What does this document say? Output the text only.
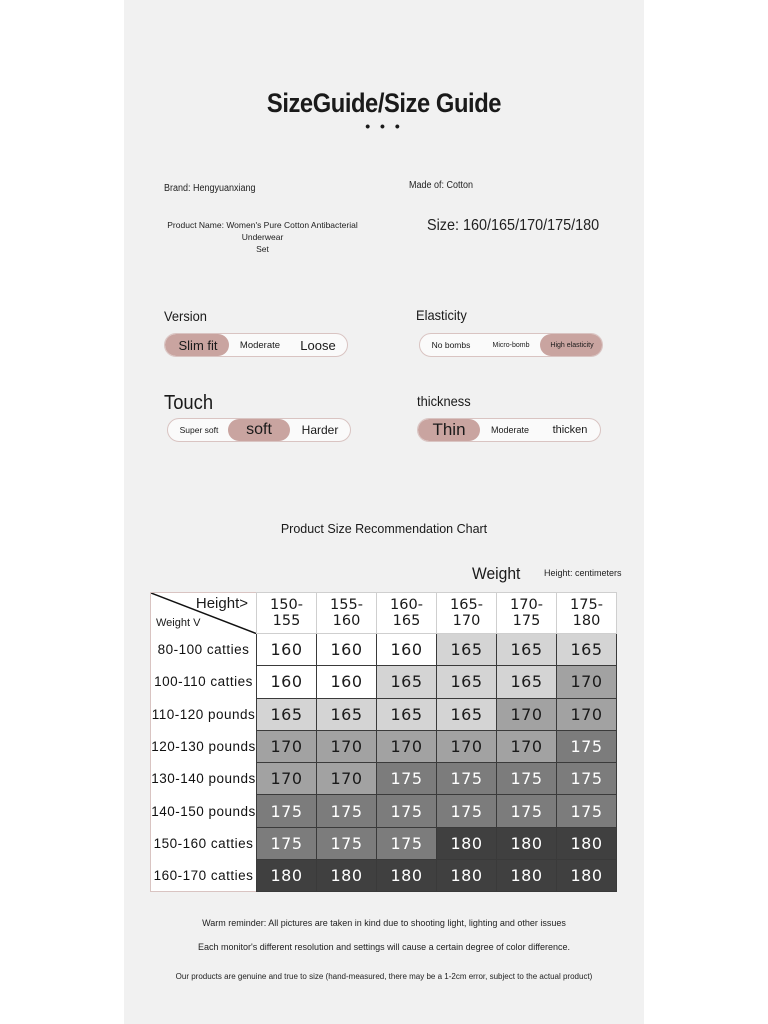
SizeGuide/Size Guide
• • •
Brand: Hengyuanxiang	Made of: Cotton
Product Name: Women's Pure Cotton Antibacterial Underwear
Set
Size: 160/165/170/175/180
Version
Slim fit	Moderate	Loose
Elasticity
No bombs	Micro-bomb	High elasticity
Touch
Super soft	soft	Harder
thickness
Thin	Moderate	thicken
Product Size Recommendation Chart
Weight	Height: centimeters
Height>
Weight V	150-155	155-160	160-165	165-170	170-175	175-180
80-100 catties	160	160	160	165	165	165
100-110 catties	160	160	165	165	165	170
110-120 pounds	165	165	165	165	170	170
120-130 pounds	170	170	170	170	170	175
130-140 pounds	170	170	175	175	175	175
140-150 pounds	175	175	175	175	175	175
150-160 catties	175	175	175	180	180	180
160-170 catties	180	180	180	180	180	180
Warm reminder: All pictures are taken in kind due to shooting light, lighting and other issues
Each monitor's different resolution and settings will cause a certain degree of color difference.
Our products are genuine and true to size (hand-measured, there may be a 1-2cm error, subject to the actual product)
